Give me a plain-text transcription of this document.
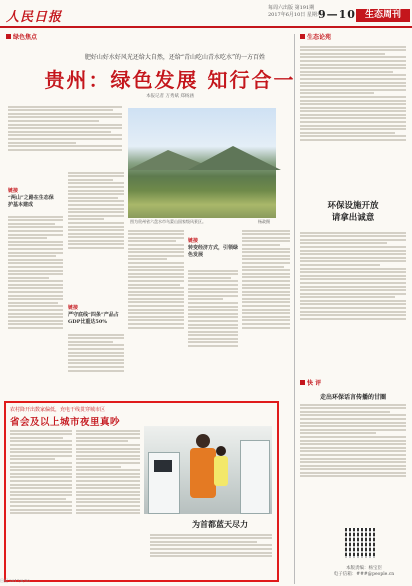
人民日报
每周六出版 第191期
2017年6月10日 星期六
9—10	生态周刊
绿色焦点	生态论苑
快 评
肥好山好水好风光还给大自然，还给“青山吃山青水吃水”的一方百姓
贵州：绿色发展 知行合一
本报记者 万秀斌 郑杨涵
图为贵州省六盘水市乌蒙山国家级风景区。	杨政摄
链接
“两山”之路在生态保护基本建成
链接
严守底线“四条”产品占GDP比重达50%
链接
转变经济方式，引领绿色发展
农村降开出数家偏低，充电干线贯穿城市区
省会及以上城市夜里真吵
为首都蓝天尽力
环保设施开放
请拿出诚意
走出环保话言传播的甘圈
本版责编：杨宝臣
电子信箱：###@people.cn
日报 2017/6/10
